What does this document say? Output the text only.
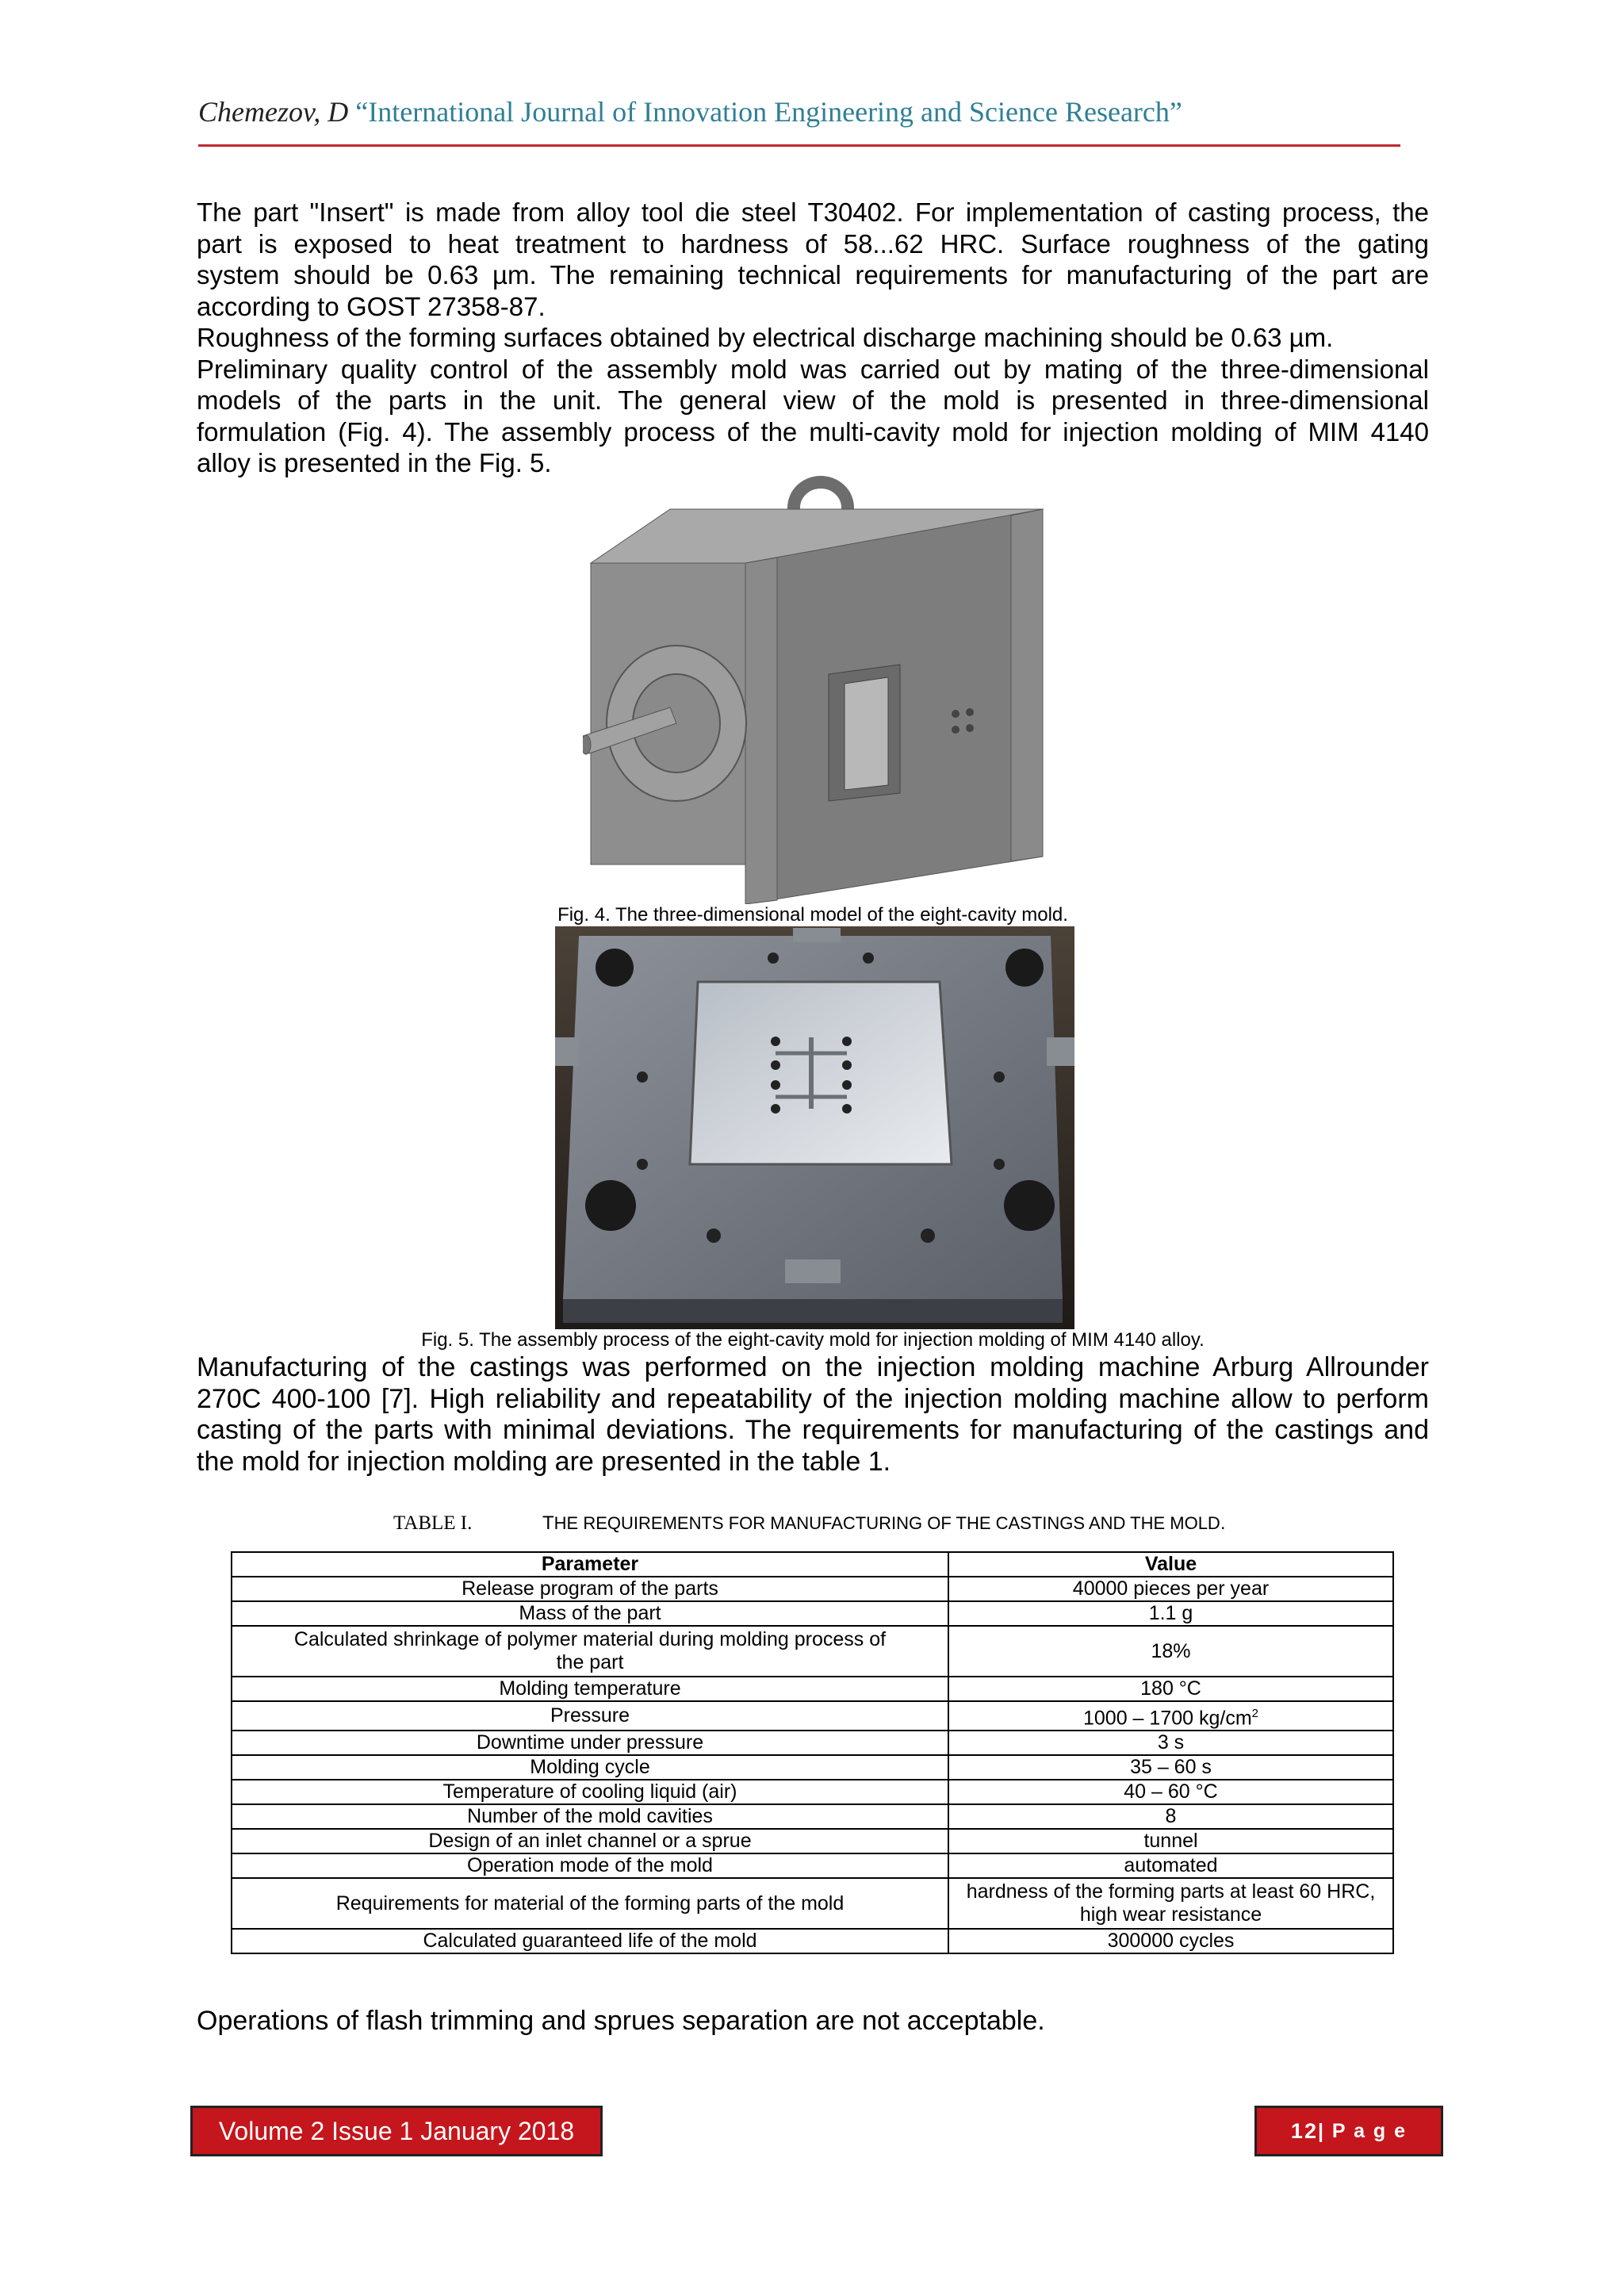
Chemezov, D “International Journal of Innovation Engineering and Science Research”
The part "Insert" is made from alloy tool die steel T30402. For implementation of casting process, the
part is exposed to heat treatment to hardness of 58...62 HRC. Surface roughness of the gating
system should be 0.63 µm. The remaining technical requirements for manufacturing of the part are
according to GOST 27358-87.
Roughness of the forming surfaces obtained by electrical discharge machining should be 0.63 µm.
Preliminary quality control of the assembly mold was carried out by mating of the three-dimensional
models of the parts in the unit. The general view of the mold is presented in three-dimensional
formulation (Fig. 4). The assembly process of the multi-cavity mold for injection molding of MIM 4140
alloy is presented in the Fig. 5.
Fig. 4. The three-dimensional model of the eight-cavity mold.
Fig. 5. The assembly process of the eight-cavity mold for injection molding of MIM 4140 alloy.
Manufacturing of the castings was performed on the injection molding machine Arburg Allrounder
270C 400-100 [7]. High reliability and repeatability of the injection molding machine allow to perform
casting of the parts with minimal deviations. The requirements for manufacturing of the castings and
the mold for injection molding are presented in the table 1.
TABLE I.	THE REQUIREMENTS FOR MANUFACTURING OF THE CASTINGS AND THE MOLD.
Parameter	Value
Release program of the parts	40000 pieces per year
Mass of the part	1.1 g
Calculated shrinkage of polymer material during molding process of the part	18%
Molding temperature	180 °C
Pressure	1000 – 1700 $kg/cm^2$
Downtime under pressure	3 s
Molding cycle	35 – 60 s
Temperature of cooling liquid (air)	40 – 60 °C
Number of the mold cavities	8
Design of an inlet channel or a sprue	tunnel
Operation mode of the mold	automated
Requirements for material of the forming parts of the mold	hardness of the forming parts at least 60 HRC, high wear resistance
Calculated guaranteed life of the mold	300000 cycles
Operations of flash trimming and sprues separation are not acceptable.
Volume 2 Issue 1 January 2018	12 | P a g e
